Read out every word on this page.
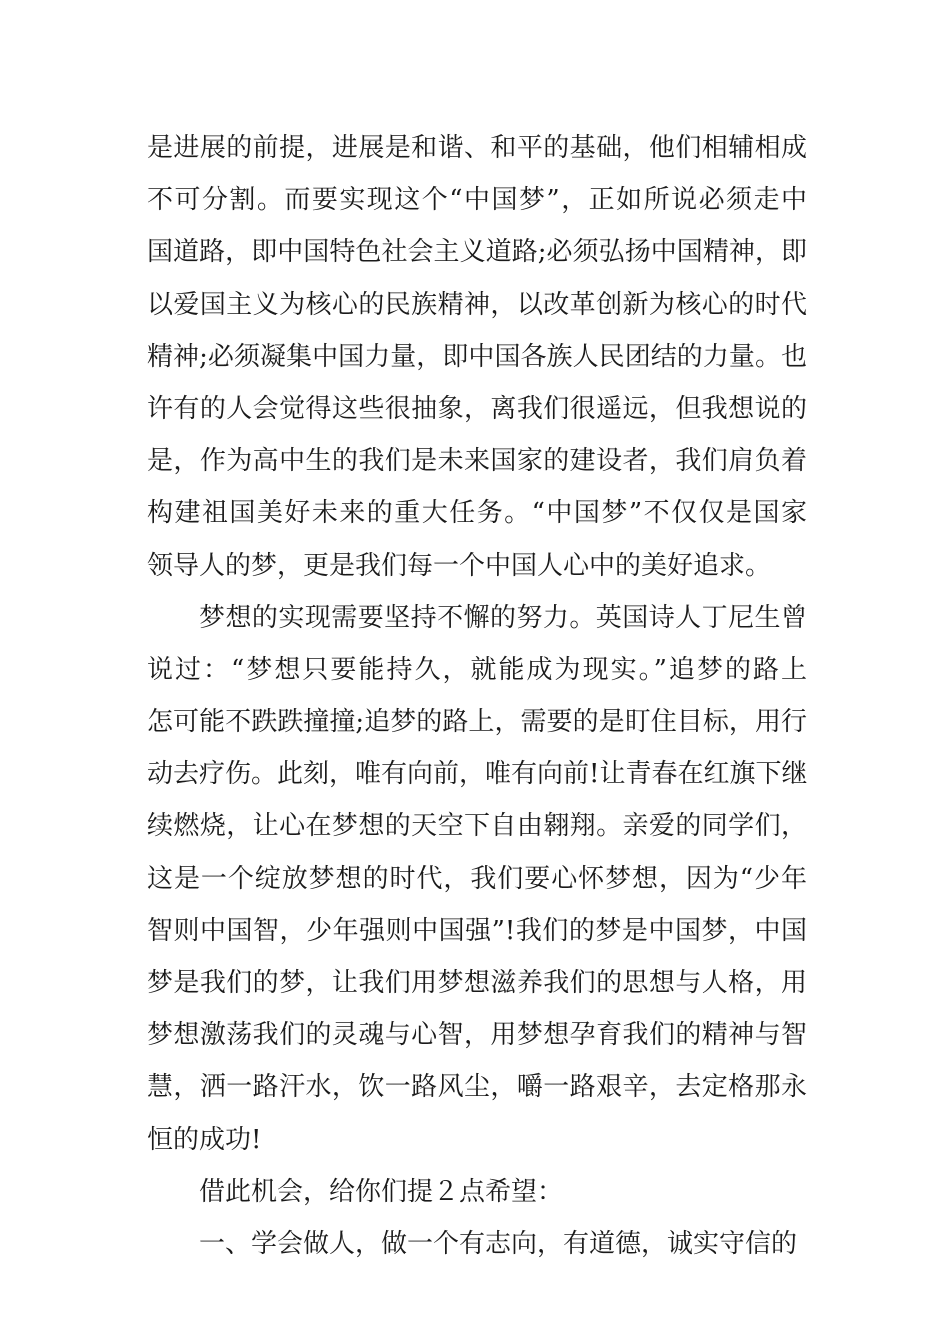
是进展的前提，进展是和谐、和平的基础，他们相辅相成
不可分割。而要实现这个“中国梦”，正如所说必须走中
国道路，即中国特色社会主义道路;必须弘扬中国精神，即
以爱国主义为核心的民族精神，以改革创新为核心的时代
精神;必须凝集中国力量，即中国各族人民团结的力量。也
许有的人会觉得这些很抽象，离我们很遥远，但我想说的
是，作为高中生的我们是未来国家的建设者，我们肩负着
构建祖国美好未来的重大任务。“中国梦”不仅仅是国家
领导人的梦，更是我们每一个中国人心中的美好追求。
梦想的实现需要坚持不懈的努力。英国诗人丁尼生曾
说过：“梦想只要能持久，就能成为现实。”追梦的路上
怎可能不跌跌撞撞;追梦的路上，需要的是盯住目标，用行
动去疗伤。此刻，唯有向前，唯有向前!让青春在红旗下继
续燃烧，让心在梦想的天空下自由翱翔。亲爱的同学们，
这是一个绽放梦想的时代，我们要心怀梦想，因为“少年
智则中国智，少年强则中国强”!我们的梦是中国梦，中国
梦是我们的梦，让我们用梦想滋养我们的思想与人格，用
梦想激荡我们的灵魂与心智，用梦想孕育我们的精神与智
慧，洒一路汗水，饮一路风尘，嚼一路艰辛，去定格那永
恒的成功!
借此机会，给你们提２点希望：
一、学会做人，做一个有志向，有道德，诚实守信的
